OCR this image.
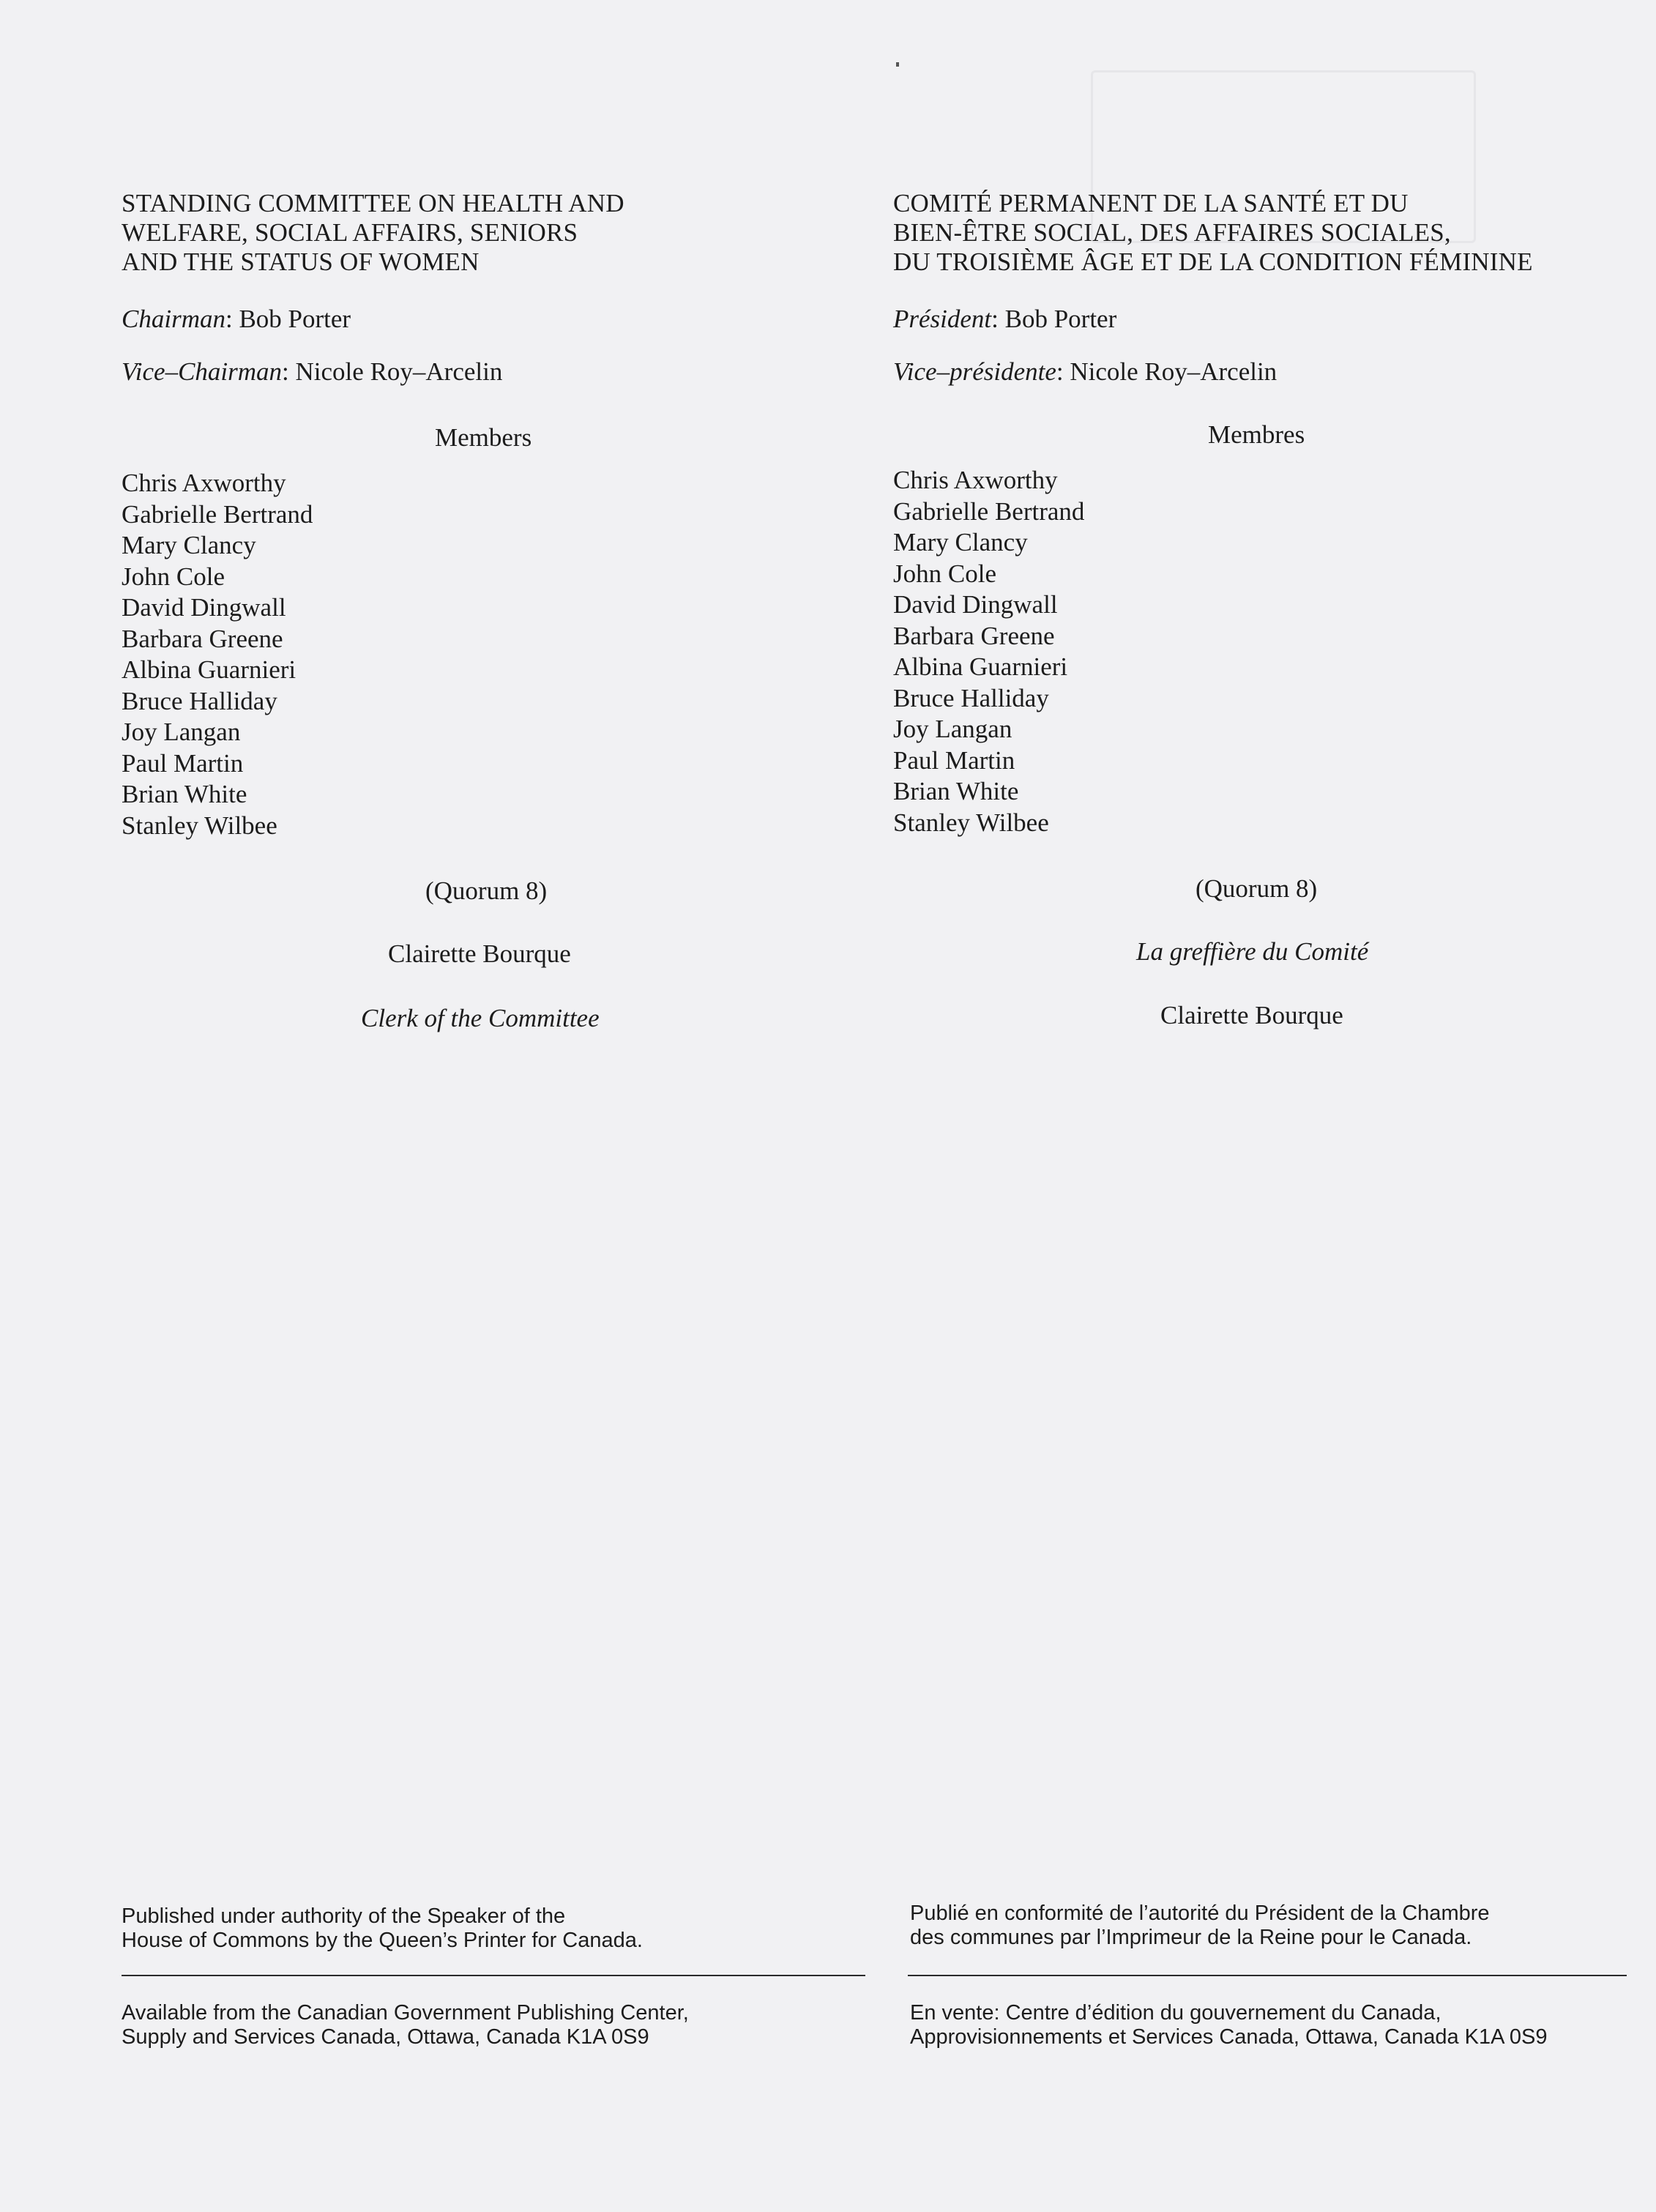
STANDING COMMITTEE ON HEALTH AND
WELFARE, SOCIAL AFFAIRS, SENIORS
AND THE STATUS OF WOMEN
Chairman: Bob Porter
Vice–Chairman: Nicole Roy–Arcelin
Members
Chris Axworthy
Gabrielle Bertrand
Mary Clancy
John Cole
David Dingwall
Barbara Greene
Albina Guarnieri
Bruce Halliday
Joy Langan
Paul Martin
Brian White
Stanley Wilbee
(Quorum 8)
Clairette Bourque
Clerk of the Committee
Published under authority of the Speaker of the
House of Commons by the Queen’s Printer for Canada.
Available from the Canadian Government Publishing Center,
Supply and Services Canada, Ottawa, Canada K1A 0S9
COMITÉ PERMANENT DE LA SANTÉ ET DU
BIEN-ÊTRE SOCIAL, DES AFFAIRES SOCIALES,
DU TROISIÈME ÂGE ET DE LA CONDITION FÉMININE
Président: Bob Porter
Vice–présidente: Nicole Roy–Arcelin
Membres
Chris Axworthy
Gabrielle Bertrand
Mary Clancy
John Cole
David Dingwall
Barbara Greene
Albina Guarnieri
Bruce Halliday
Joy Langan
Paul Martin
Brian White
Stanley Wilbee
(Quorum 8)
La greffière du Comité
Clairette Bourque
Publié en conformité de l’autorité du Président de la Chambre
des communes par l’Imprimeur de la Reine pour le Canada.
En vente: Centre d’édition du gouvernement du Canada,
Approvisionnements et Services Canada, Ottawa, Canada K1A 0S9
